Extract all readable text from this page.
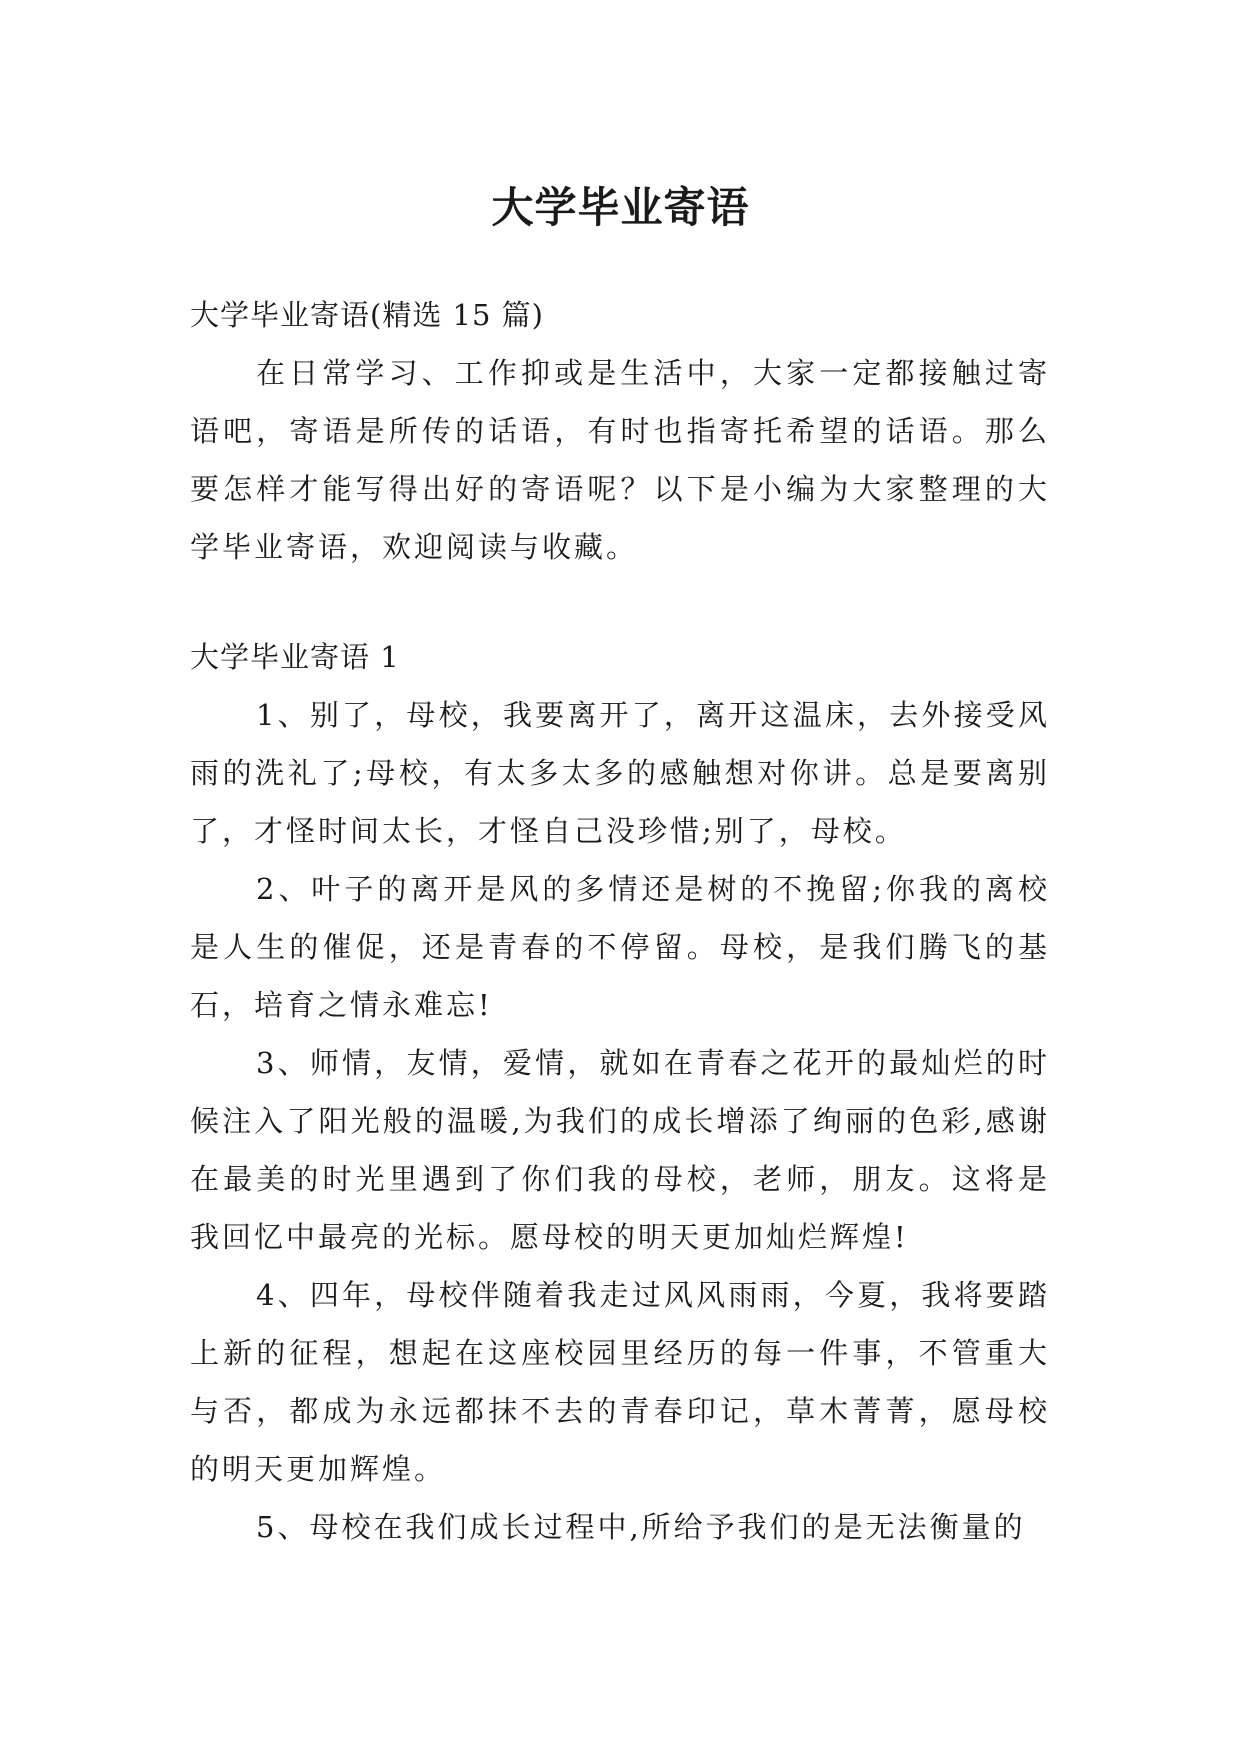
大学毕业寄语

大学毕业寄语(精选 15 篇)

在日常学习、工作抑或是生活中，大家一定都接触过寄语吧，寄语是所传的话语，有时也指寄托希望的话语。那么要怎样才能写得出好的寄语呢？以下是小编为大家整理的大学毕业寄语，欢迎阅读与收藏。

大学毕业寄语 1

1、别了，母校，我要离开了，离开这温床，去外接受风雨的洗礼了;母校，有太多太多的感触想对你讲。总是要离别了，才怪时间太长，才怪自己没珍惜;别了，母校。

2、叶子的离开是风的多情还是树的不挽留;你我的离校是人生的催促，还是青春的不停留。母校，是我们腾飞的基石，培育之情永难忘!

3、师情，友情，爱情，就如在青春之花开的最灿烂的时候注入了阳光般的温暖,为我们的成长增添了绚丽的色彩,感谢在最美的时光里遇到了你们我的母校，老师，朋友。这将是我回忆中最亮的光标。愿母校的明天更加灿烂辉煌!

4、四年，母校伴随着我走过风风雨雨，今夏，我将要踏上新的征程，想起在这座校园里经历的每一件事，不管重大与否，都成为永远都抹不去的青春印记，草木菁菁，愿母校的明天更加辉煌。

5、母校在我们成长过程中,所给予我们的是无法衡量的
